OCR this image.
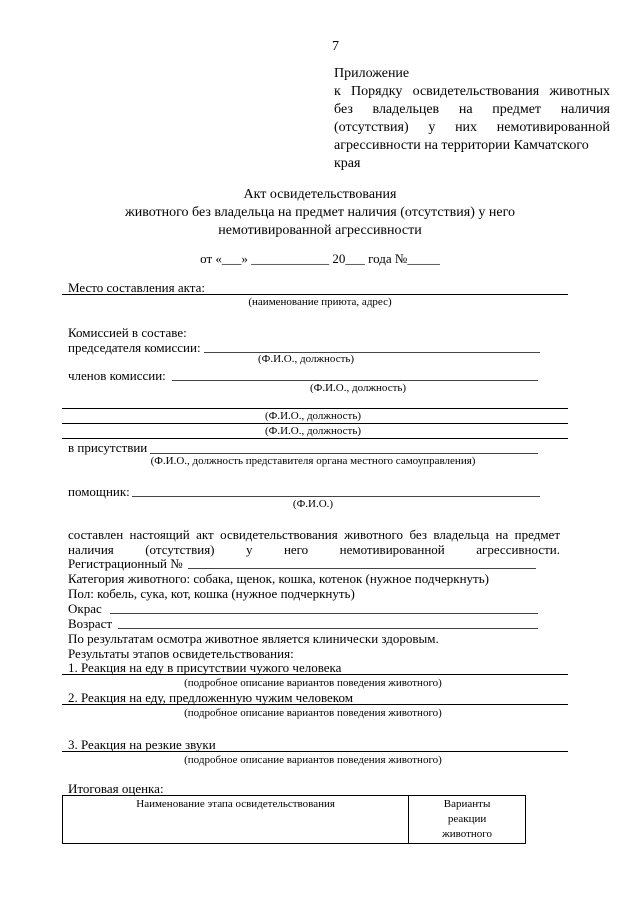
7
Приложение
к Порядку освидетельствования животных
без владельцев на предмет наличия
(отсутствия) у них немотивированной
агрессивности на территории Камчатского
края
Акт освидетельствования
животного без владельца на предмет наличия (отсутствия) у него
немотивированной агрессивности
от «___» ____________ 20___ года №_____
Место составления акта:
(наименование приюта, адрес)
Комиссией в составе:
председателя комиссии:
(Ф.И.О., должность)
членов комиссии:
(Ф.И.О., должность)
(Ф.И.О., должность)
(Ф.И.О., должность)
в присутствии
(Ф.И.О., должность представителя органа местного самоуправления)
помощник:
(Ф.И.О.)
составлен настоящий акт освидетельствования животного без владельца на предмет
наличия (отсутствия) у него немотивированной агрессивности.
Регистрационный №
Категория животного: собака, щенок, кошка, котенок (нужное подчеркнуть)
Пол: кобель, сука, кот, кошка (нужное подчеркнуть)
Окрас
Возраст
По результатам осмотра животное является клинически здоровым.
Результаты этапов освидетельствования:
1. Реакция на еду в присутствии чужого человека
(подробное описание вариантов поведения животного)
2. Реакция на еду, предложенную чужим человеком
(подробное описание вариантов поведения животного)
3. Реакция на резкие звуки
(подробное описание вариантов поведения животного)
Итоговая оценка:
Наименование этапа освидетельствования	Варианты
реакции
животного
